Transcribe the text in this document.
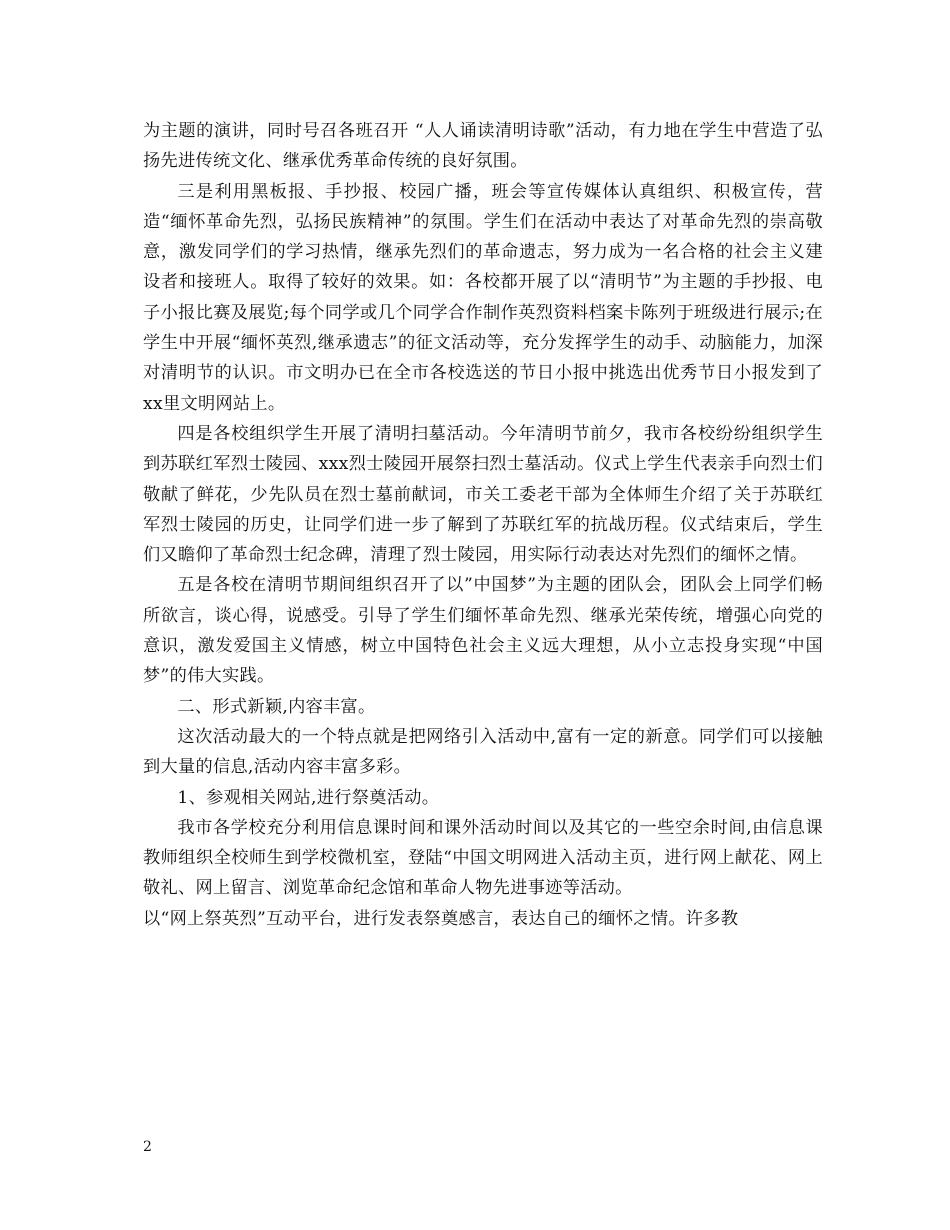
为主题的演讲，同时号召各班召开 “人人诵读清明诗歌”活动，有力地在学生中营造了弘扬先进传统文化、继承优秀革命传统的良好氛围。

三是利用黑板报、手抄报、校园广播，班会等宣传媒体认真组织、积极宣传，营造“缅怀革命先烈，弘扬民族精神”的氛围。学生们在活动中表达了对革命先烈的崇高敬意，激发同学们的学习热情，继承先烈们的革命遗志，努力成为一名合格的社会主义建设者和接班人。取得了较好的效果。如：各校都开展了以“清明节”为主题的手抄报、电子小报比赛及展览;每个同学或几个同学合作制作英烈资料档案卡陈列于班级进行展示;在学生中开展“缅怀英烈,继承遗志”的征文活动等，充分发挥学生的动手、动脑能力，加深对清明节的认识。市文明办已在全市各校选送的节日小报中挑选出优秀节日小报发到了xx里文明网站上。

四是各校组织学生开展了清明扫墓活动。今年清明节前夕，我市各校纷纷组织学生到苏联红军烈士陵园、xxx烈士陵园开展祭扫烈士墓活动。仪式上学生代表亲手向烈士们敬献了鲜花，少先队员在烈士墓前献词，市关工委老干部为全体师生介绍了关于苏联红军烈士陵园的历史，让同学们进一步了解到了苏联红军的抗战历程。仪式结束后，学生们又瞻仰了革命烈士纪念碑，清理了烈士陵园，用实际行动表达对先烈们的缅怀之情。

五是各校在清明节期间组织召开了以”中国梦”为主题的团队会，团队会上同学们畅所欲言，谈心得，说感受。引导了学生们缅怀革命先烈、继承光荣传统，增强心向党的意识，激发爱国主义情感，树立中国特色社会主义远大理想，从小立志投身实现“中国梦”的伟大实践。

二、形式新颖,内容丰富。

这次活动最大的一个特点就是把网络引入活动中,富有一定的新意。同学们可以接触到大量的信息,活动内容丰富多彩。

1、参观相关网站,进行祭奠活动。

我市各学校充分利用信息课时间和课外活动时间以及其它的一些空余时间,由信息课教师组织全校师生到学校微机室，登陆“中国文明网进入活动主页，进行网上献花、网上敬礼、网上留言、浏览革命纪念馆和革命人物先进事迹等活动。

以“网上祭英烈”互动平台，进行发表祭奠感言，表达自己的缅怀之情。许多教

2
